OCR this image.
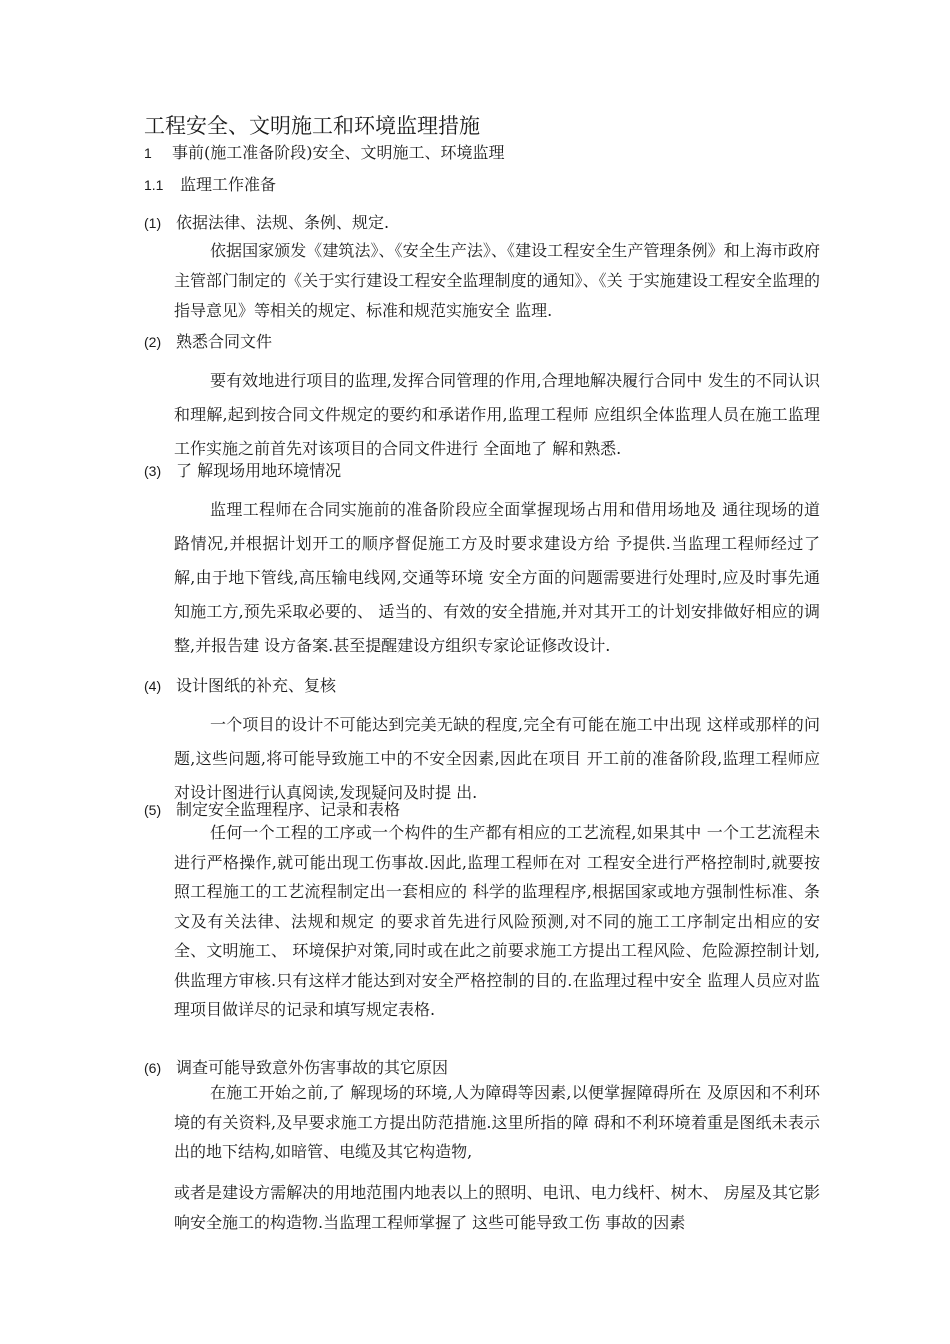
工程安全、文明施工和环境监理措施
1 事前(施工准备阶段)安全、文明施工、环境监理
1.1 监理工作准备
(1) 依据法律、法规、条例、规定.
依据国家颁发《建筑法》、《安全生产法》、《建设工程安全生产管理条例》和上海市政府主管部门制定的《关于实行建设工程安全监理制度的通知》、《关 于实施建设工程安全监理的指导意见》等相关的规定、标准和规范实施安全 监理.
(2) 熟悉合同文件
要有效地进行项目的监理,发挥合同管理的作用,合理地解决履行合同中 发生的不同认识和理解,起到按合同文件规定的要约和承诺作用,监理工程师 应组织全体监理人员在施工监理工作实施之前首先对该项目的合同文件进行 全面地了 解和熟悉.
(3) 了 解现场用地环境情况
监理工程师在合同实施前的准备阶段应全面掌握现场占用和借用场地及 通往现场的道路情况,并根据计划开工的顺序督促施工方及时要求建设方给 予提供.当监理工程师经过了 解,由于地下管线,高压输电线网,交通等环境 安全方面的问题需要进行处理时,应及时事先通知施工方,预先采取必要的、 适当的、有效的安全措施,并对其开工的计划安排做好相应的调整,并报告建 设方备案.甚至提醒建设方组织专家论证修改设计.
(4) 设计图纸的补充、复核
一个项目的设计不可能达到完美无缺的程度,完全有可能在施工中出现 这样或那样的问题,这些问题,将可能导致施工中的不安全因素,因此在项目 开工前的准备阶段,监理工程师应对设计图进行认真阅读,发现疑问及时提 出.
(5) 制定安全监理程序、记录和表格
任何一个工程的工序或一个构件的生产都有相应的工艺流程,如果其中 一个工艺流程未进行严格操作,就可能出现工伤事故.因此,监理工程师在对 工程安全进行严格控制时,就要按照工程施工的工艺流程制定出一套相应的 科学的监理程序,根据国家或地方强制性标准、条文及有关法律、法规和规定 的要求首先进行风险预测,对不同的施工工序制定出相应的安全、文明施工、 环境保护对策,同时或在此之前要求施工方提出工程风险、危险源控制计划, 供监理方审核.只有这样才能达到对安全严格控制的目的.在监理过程中安全 监理人员应对监理项目做详尽的记录和填写规定表格.
(6) 调查可能导致意外伤害事故的其它原因
在施工开始之前,了 解现场的环境,人为障碍等因素,以便掌握障碍所在 及原因和不利环境的有关资料,及早要求施工方提出防范措施.这里所指的障 碍和不利环境着重是图纸未表示出的地下结构,如暗管、电缆及其它构造物,
或者是建设方需解决的用地范围内地表以上的照明、电讯、电力线杆、树木、 房屋及其它影响安全施工的构造物.当监理工程师掌握了 这些可能导致工伤 事故的因素
